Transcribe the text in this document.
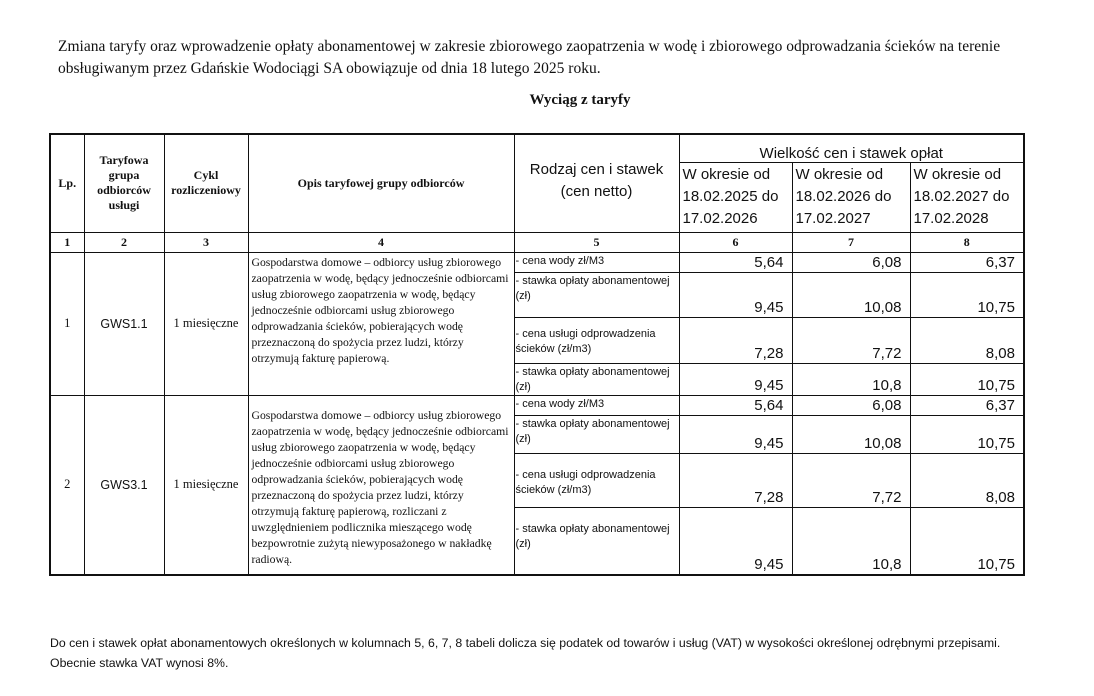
Zmiana taryfy oraz wprowadzenie opłaty abonamentowej w zakresie zbiorowego zaopatrzenia w wodę i zbiorowego odprowadzania ścieków na terenie obsługiwanym przez Gdańskie Wodociągi SA obowiązuje od dnia 18 lutego 2025 roku.
Wyciąg z taryfy
Lp.	Taryfowa grupa odbiorców usługi	Cykl rozliczeniowy	Opis taryfowej grupy odbiorców	Rodzaj cen i stawek (cen netto)	Wielkość cen i stawek opłat		
					W okresie od 18.02.2025 do 17.02.2026	W okresie od 18.02.2026 do 17.02.2027	W okresie od 18.02.2027 do 17.02.2028
1	2	3	4	5	6	7	8
1	GWS1.1	1 miesięczne	Gospodarstwa domowe – odbiorcy usług zbiorowego zaopatrzenia w wodę, będący jednocześnie odbiorcami usług zbiorowego zaopatrzenia w wodę, będący jednocześnie odbiorcami usług zbiorowego odprowadzania ścieków, pobierających wodę przeznaczoną do spożycia przez ludzi, którzy otrzymują fakturę papierową.	- cena wody zł/M3	5,64	6,08	6,37
				- stawka opłaty abonamentowej (zł)	9,45	10,08	10,75
				- cena usługi odprowadzenia ścieków (zł/m3)	7,28	7,72	8,08
				- stawka opłaty abonamentowej (zł)	9,45	10,8	10,75
2	GWS3.1	1 miesięczne	Gospodarstwa domowe – odbiorcy usług zbiorowego zaopatrzenia w wodę, będący jednocześnie odbiorcami usług zbiorowego zaopatrzenia w wodę, będący jednocześnie odbiorcami usług zbiorowego odprowadzania ścieków, pobierających wodę przeznaczoną do spożycia przez ludzi, którzy otrzymują fakturę papierową, rozliczani z uwzględnieniem podlicznika mieszącego wodę bezpowrotnie zużytą niewyposażonego w nakładkę radiową.	- cena wody zł/M3	5,64	6,08	6,37
				- stawka opłaty abonamentowej (zł)	9,45	10,08	10,75
				- cena usługi odprowadzenia ścieków (zł/m3)	7,28	7,72	8,08
				- stawka opłaty abonamentowej (zł)	9,45	10,8	10,75
Do cen i stawek opłat abonamentowych określonych w kolumnach 5, 6, 7, 8 tabeli dolicza się podatek od towarów i usług (VAT) w wysokości określonej odrębnymi przepisami.
Obecnie stawka VAT wynosi 8%.
